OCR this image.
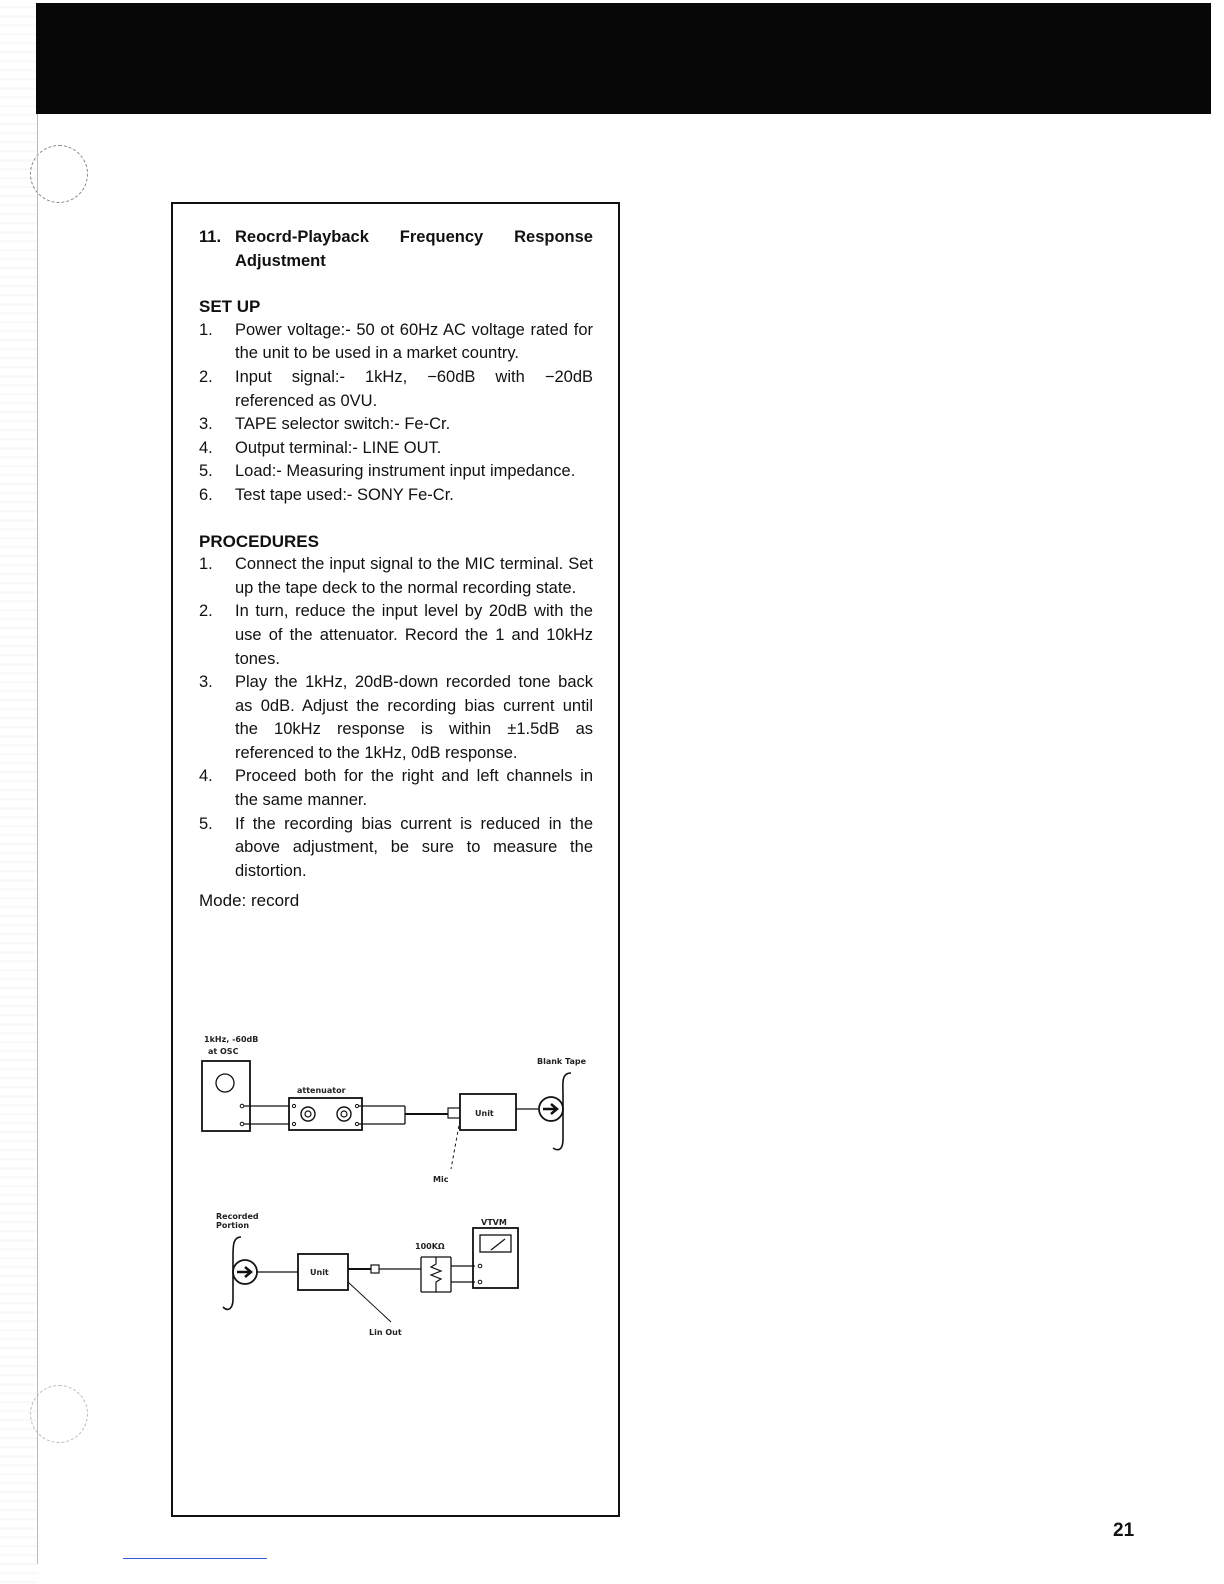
11. Reocrd-Playback Frequency Response Adjustment
SET UP
1.	Power voltage:- 50 ot 60Hz AC voltage rated for the unit to be used in a market country.
2.	Input signal:- 1kHz, −60dB with −20dB referenced as 0VU.
3.	TAPE selector switch:- Fe-Cr.
4.	Output terminal:- LINE OUT.
5.	Load:- Measuring instrument input impedance.
6.	Test tape used:- SONY Fe-Cr.
PROCEDURES
1.	Connect the input signal to the MIC terminal. Set up the tape deck to the normal recording state.
2.	In turn, reduce the input level by 20dB with the use of the attenuator. Record the 1 and 10kHz tones.
3.	Play the 1kHz, 20dB-down recorded tone back as 0dB. Adjust the recording bias current until the 10kHz response is within ±1.5dB as referenced to the 1kHz, 0dB response.
4.	Proceed both for the right and left channels in the same manner.
5.	If the recording bias current is reduced in the above adjustment, be sure to measure the distortion.
Mode: record
1kHz, -60dB
at OSC
attenuator
Unit
Blank Tape
Mic
Recorded
Portion
Unit
100KΩ
VTVM
Lin Out
21
